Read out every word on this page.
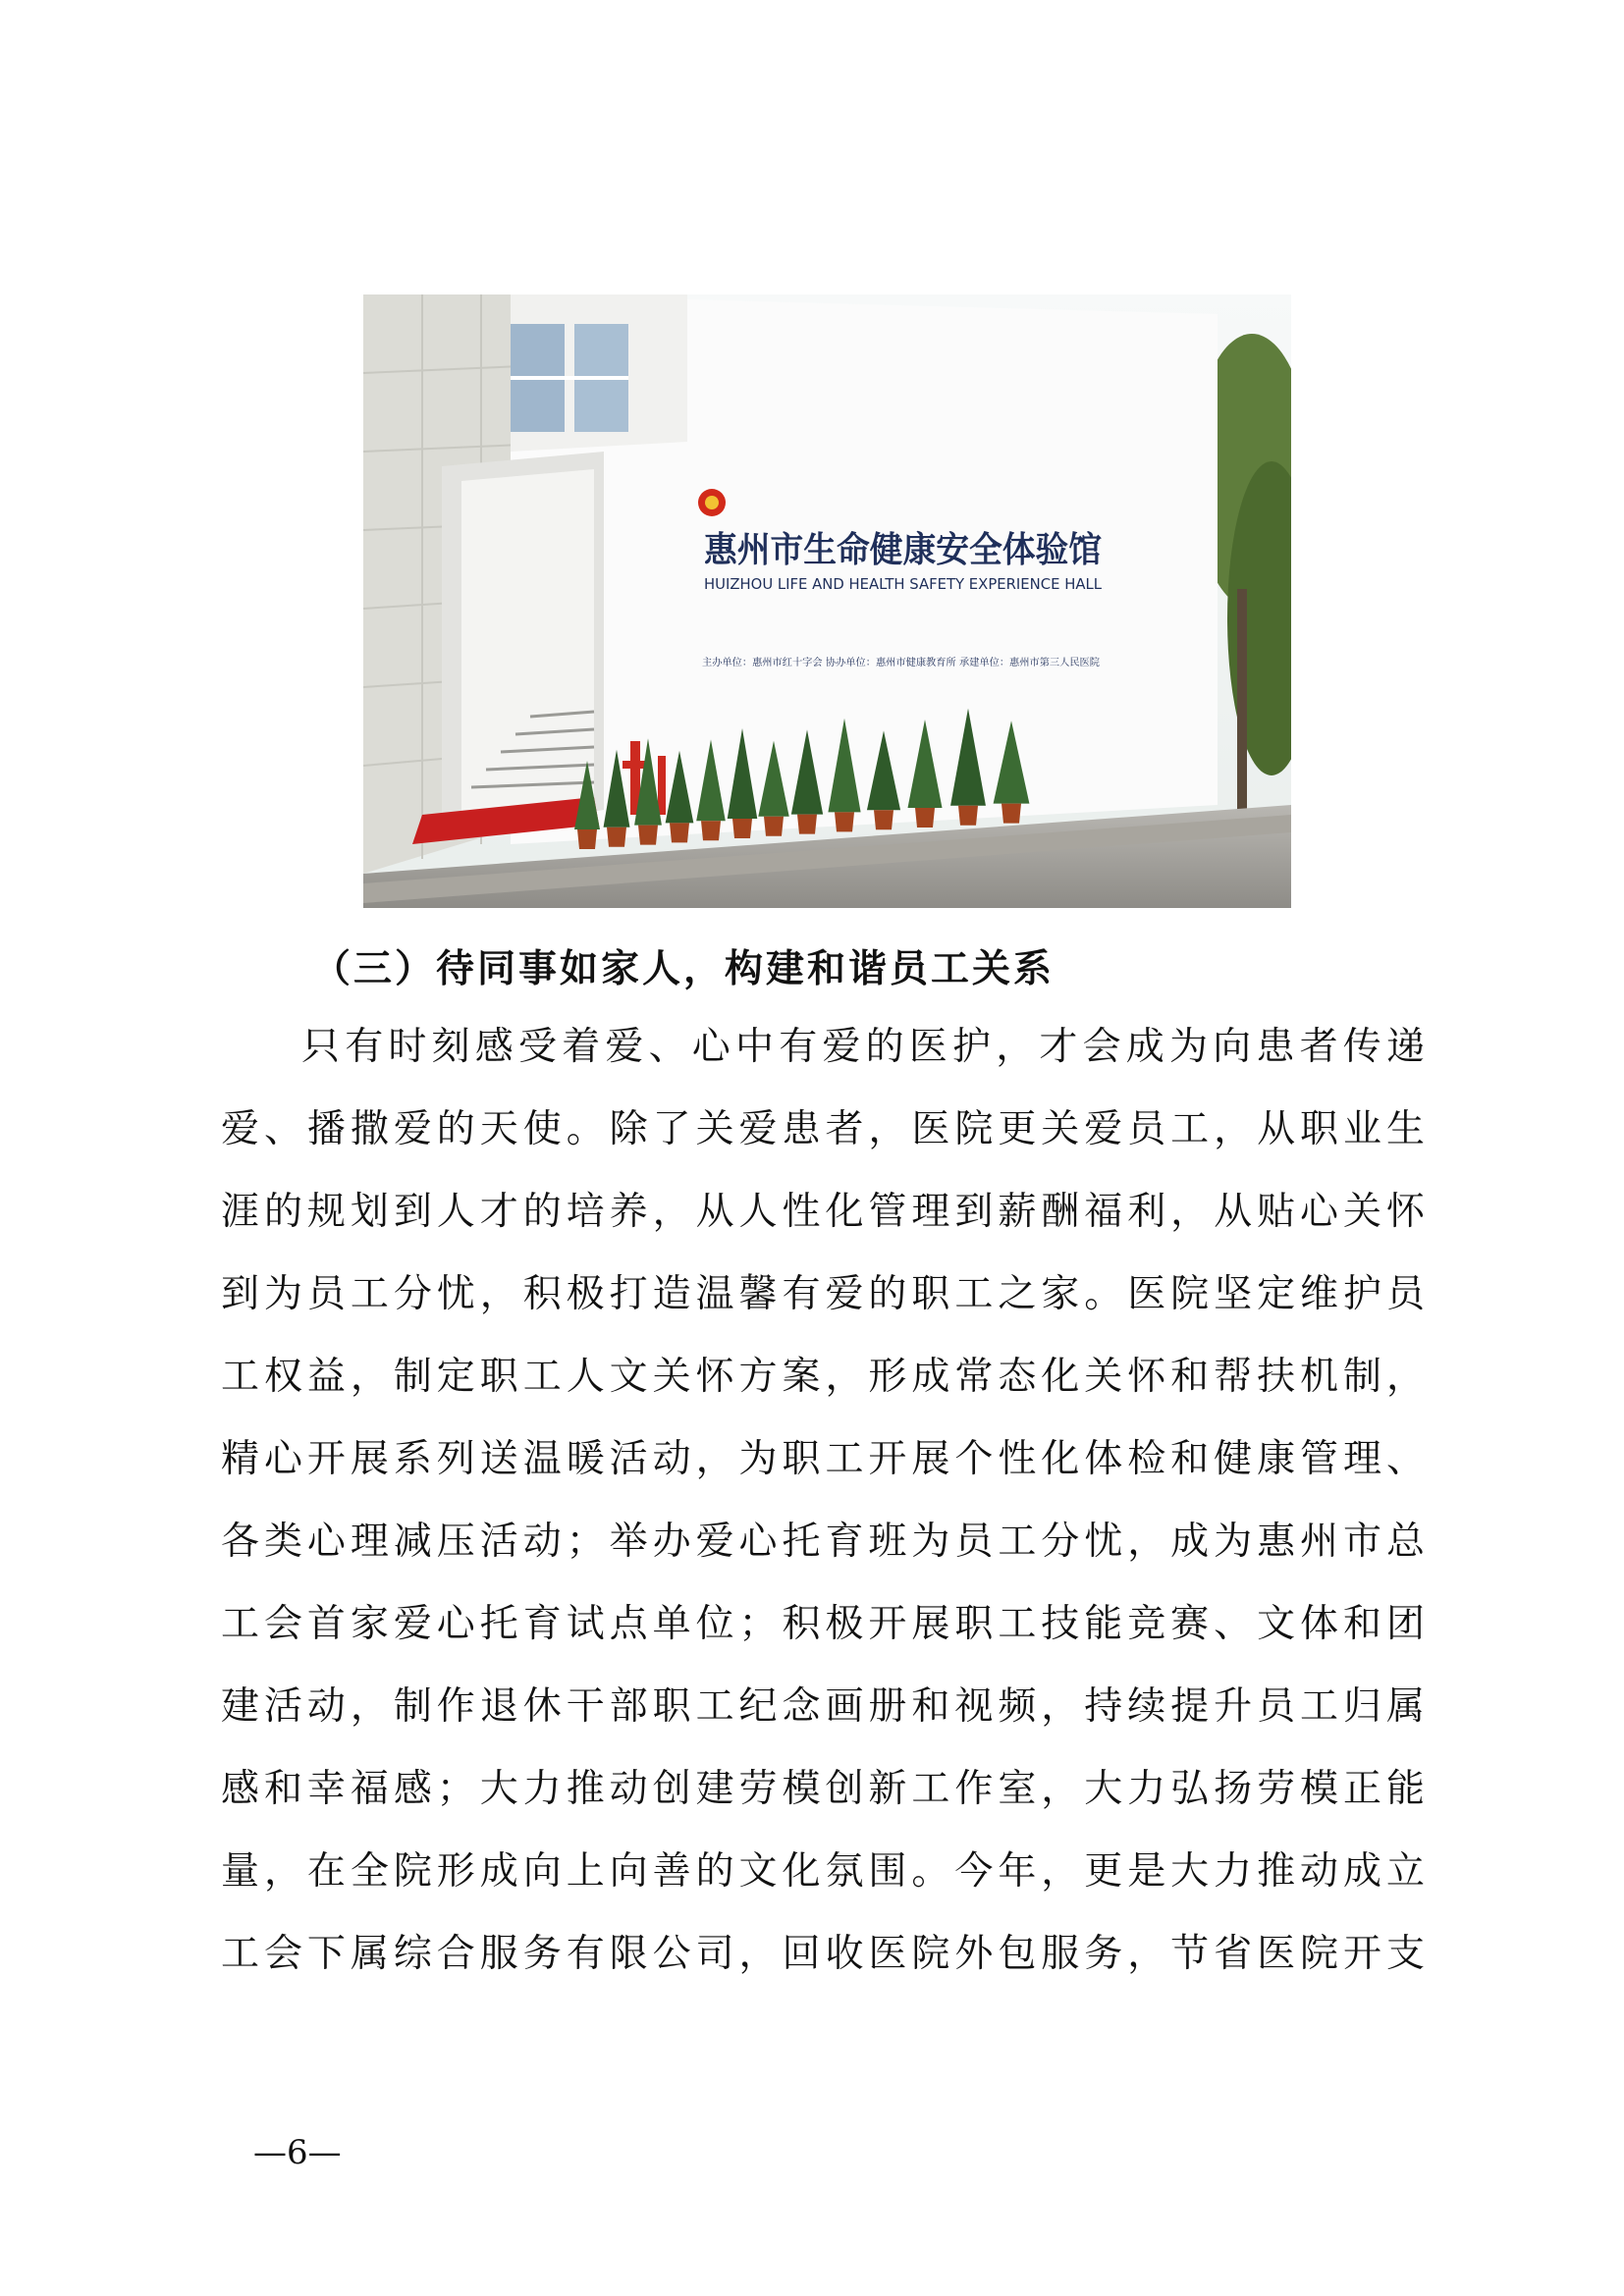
惠州市生命健康安全体验馆
HUIZHOU LIFE AND HEALTH SAFETY EXPERIENCE HALL
主办单位：惠州市红十字会 协办单位：惠州市健康教育所 承建单位：惠州市第三人民医院
（三）待同事如家人，构建和谐员工关系

只有时刻感受着爱、心中有爱的医护，才会成为向患者传递

爱、播撒爱的天使。除了关爱患者，医院更关爱员工，从职业生

涯的规划到人才的培养，从人性化管理到薪酬福利，从贴心关怀

到为员工分忧，积极打造温馨有爱的职工之家。医院坚定维护员

工权益，制定职工人文关怀方案，形成常态化关怀和帮扶机制，

精心开展系列送温暖活动，为职工开展个性化体检和健康管理、

各类心理减压活动；举办爱心托育班为员工分忧，成为惠州市总

工会首家爱心托育试点单位；积极开展职工技能竞赛、文体和团

建活动，制作退休干部职工纪念画册和视频，持续提升员工归属

感和幸福感；大力推动创建劳模创新工作室，大力弘扬劳模正能

量，在全院形成向上向善的文化氛围。今年，更是大力推动成立

工会下属综合服务有限公司，回收医院外包服务，节省医院开支

—6—
